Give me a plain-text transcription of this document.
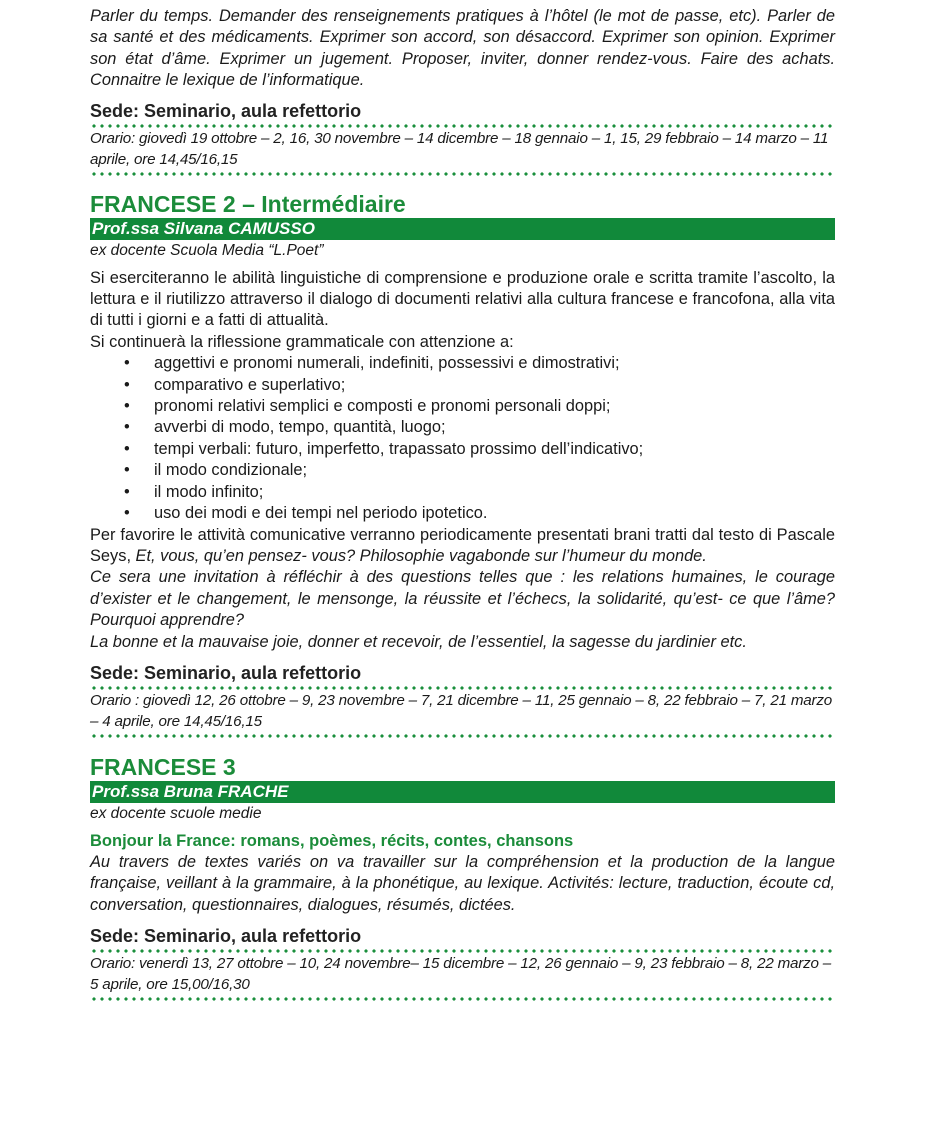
Parler du temps. Demander des renseignements pratiques à l’hôtel (le mot de passe, etc). Parler de sa santé et des médicaments. Exprimer son accord, son désaccord. Exprimer son opinion. Exprimer son état d’âme. Exprimer un jugement. Proposer, inviter, donner rendez-vous. Faire des achats. Connaitre le lexique de l’informatique.

Sede: Seminario, aula refettorio

Orario: giovedì 19 ottobre – 2, 16, 30 novembre – 14 dicembre – 18 gennaio – 1, 15, 29 febbraio – 14 marzo – 11 aprile, ore 14,45/16,15

FRANCESE 2 – Intermédiaire
Prof.ssa Silvana CAMUSSO

ex docente Scuola Media “L.Poet”

Si eserciteranno le abilità linguistiche di comprensione e produzione orale e scritta tramite l’ascolto, la lettura e il riutilizzo attraverso il dialogo di documenti relativi alla cultura francese e francofona, alla vita di tutti i giorni e a fatti di attualità.

Si continuerà la riflessione grammaticale con attenzione a:

• aggettivi e pronomi numerali, indefiniti, possessivi e dimostrativi;
• comparativo e superlativo;
• pronomi relativi semplici e composti e pronomi personali doppi;
• avverbi di modo, tempo, quantità, luogo;
• tempi verbali: futuro, imperfetto, trapassato prossimo dell’indicativo;
• il modo condizionale;
• il modo infinito;
• uso dei modi e dei tempi nel periodo ipotetico.

Per favorire le attività comunicative verranno periodicamente presentati brani tratti dal testo di Pascale Seys, Et, vous, qu’en pensez- vous? Philosophie vagabonde sur l’humeur du monde.

Ce sera une invitation à réfléchir à des questions telles que : les relations humaines, le courage d’exister et le changement, le mensonge, la réussite et l’échecs, la solidarité, qu’est- ce que l’âme? Pourquoi apprendre?

La bonne et la mauvaise joie, donner et recevoir, de l’essentiel, la sagesse du jardinier etc.

Sede: Seminario, aula refettorio

Orario : giovedì 12, 26 ottobre – 9, 23 novembre – 7, 21 dicembre – 11, 25 gennaio – 8, 22 febbraio – 7, 21 marzo – 4 aprile, ore 14,45/16,15

FRANCESE 3
Prof.ssa Bruna FRACHE

ex docente scuole medie

Bonjour la France: romans, poèmes, récits, contes, chansons

Au travers de textes variés on va travailler sur la compréhension et la production de la langue française, veillant à la grammaire, à la phonétique, au lexique. Activités: lecture, traduction, écoute cd, conversation, questionnaires, dialogues, résumés, dictées.

Sede: Seminario, aula refettorio

Orario: venerdì 13, 27 ottobre – 10, 24 novembre– 15 dicembre – 12, 26 gennaio – 9, 23 febbraio – 8, 22 marzo – 5 aprile, ore 15,00/16,30
